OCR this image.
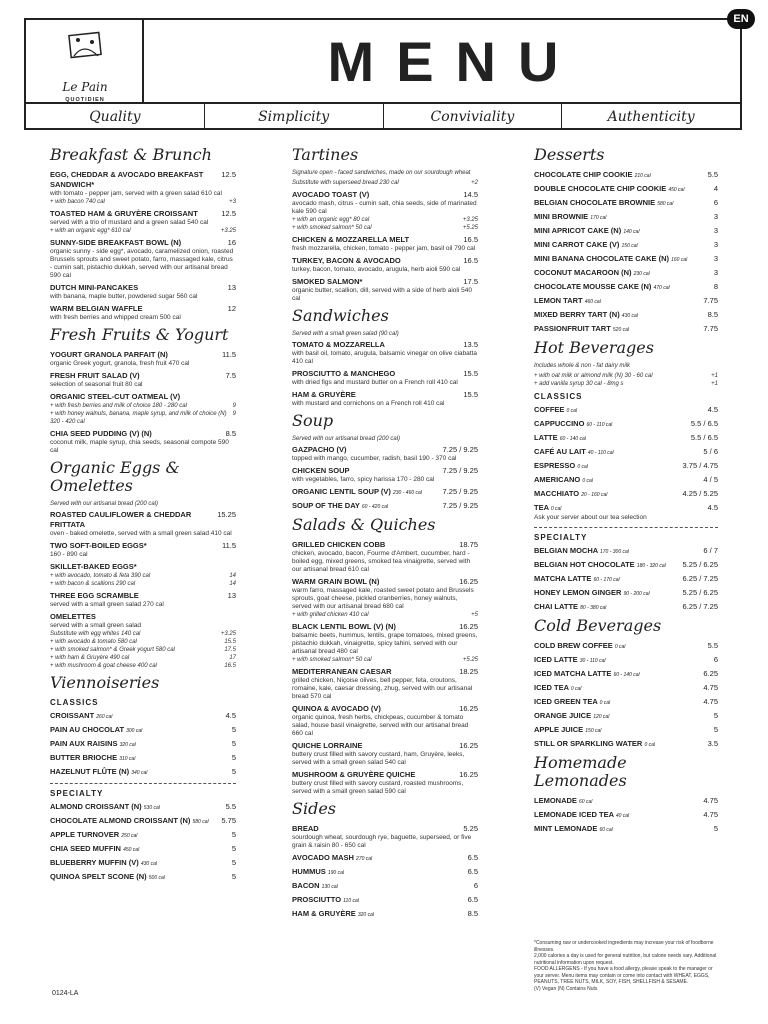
Le Pain
QUOTIDIEN
MENU
Quality	Simplicity	Conviviality	Authenticity
EN
Breakfast & Brunch
EGG, CHEDDAR & AVOCADO BREAKFAST SANDWICH*
12.5
with tomato - pepper jam, served with a green salad 610 cal
+ with bacon 740 cal	+3
TOASTED HAM & GRUYÈRE CROISSANT	12.5
served with a trio of mustard and a green salad 540 cal
+ with an organic egg* 610 cal	+3.25
SUNNY-SIDE BREAKFAST BOWL (N)	16
organic sunny - side egg*, avocado, caramelized onion, roasted Brussels sprouts and sweet potato, farro, massaged kale, citrus - cumin salt, pistachio dukkah, served with our artisanal bread 590 cal
DUTCH MINI-PANCAKES	13
with banana, maple butter, powdered sugar 560 cal
WARM BELGIAN WAFFLE	12
with fresh berries and whipped cream 500 cal
Fresh Fruits & Yogurt
YOGURT GRANOLA PARFAIT (N)	11.5
organic Greek yogurt, granola, fresh fruit 470 cal
FRESH FRUIT SALAD (V)	7.5
selection of seasonal fruit 80 cal
ORGANIC STEEL-CUT OATMEAL (V)
+ with fresh berries and milk of choice 180 - 280 cal	9
+ with honey walnuts, banana, maple syrup, and milk of choice (N) 320 - 420 cal
9
CHIA SEED PUDDING (V) (N)	8.5
coconut milk, maple syrup, chia seeds, seasonal compote 590 cal
Organic Eggs & Omelettes
Served with our artisanal bread (200 cal)
ROASTED CAULIFLOWER & CHEDDAR FRITTATA
15.25
oven - baked omelette, served with a small green salad 410 cal
TWO SOFT-BOILED EGGS*	11.5
160 - 890 cal
SKILLET-BAKED EGGS*
+ with avocado, tomato & feta 390 cal	14
+ with bacon & scallions 290 cal	14
THREE EGG SCRAMBLE	13
served with a small green salad 270 cal
OMELETTES
served with a small green salad
Substitute with egg whites 140 cal	+3.25
+ with avocado & tomato 580 cal	15.5
+ with smoked salmon* & Greek yogurt 580 cal	17.5
+ with ham & Gruyère 490 cal	17
+ with mushroom & goat cheese 400 cal	16.5
Viennoiseries
CLASSICS
CROISSANT 260 cal	4.5
PAIN AU CHOCOLAT 300 cal	5
PAIN AUX RAISINS 320 cal	5
BUTTER BRIOCHE 310 cal	5
HAZELNUT FLÛTE (N) 340 cal	5
SPECIALTY
ALMOND CROISSANT (N) 530 cal	5.5
CHOCOLATE ALMOND CROISSANT (N) 580 cal	5.75
APPLE TURNOVER 250 cal	5
CHIA SEED MUFFIN 450 cal	5
BLUEBERRY MUFFIN (V) 430 cal	5
QUINOA SPELT SCONE (N) 500 cal	5
Tartines
Signature open - faced sandwiches, made on our sourdough wheat
Substitute with superseed bread 230 cal	+2
AVOCADO TOAST (V)	14.5
avocado mash, citrus - cumin salt, chia seeds, side of marinated kale 590 cal
+ with an organic egg* 80 cal	+3.25
+ with smoked salmon* 50 cal	+5.25
CHICKEN & MOZZARELLA MELT	16.5
fresh mozzarella, chicken, tomato - pepper jam, basil oil 790 cal
TURKEY, BACON & AVOCADO	16.5
turkey, bacon, tomato, avocado, arugula, herb aioli 590 cal
SMOKED SALMON*	17.5
organic butter, scallion, dill, served with a side of herb aioli 540 cal
Sandwiches
Served with a small green salad (90 cal)
TOMATO & MOZZARELLA	13.5
with basil oil, tomato, arugula, balsamic vinegar on olive ciabatta 410 cal
PROSCIUTTO & MANCHEGO	15.5
with dried figs and mustard butter on a French roll 410 cal
HAM & GRUYÈRE	15.5
with mustard and cornichons on a French roll 410 cal
Soup
Served with our artisanal bread (200 cal)
GAZPACHO (V)	7.25 / 9.25
topped with mango, cucumber, radish, basil 190 - 370 cal
CHICKEN SOUP	7.25 / 9.25
with vegetables, farro, spicy harissa 170 - 280 cal
ORGANIC LENTIL SOUP (V) 230 - 460 cal	7.25 / 9.25
SOUP OF THE DAY 60 - 420 cal	7.25 / 9.25
Salads & Quiches
GRILLED CHICKEN COBB	18.75
chicken, avocado, bacon, Fourme d'Ambert, cucumber, hard - boiled egg, mixed greens, smoked tea vinaigrette, served with our artisanal bread 610 cal
WARM GRAIN BOWL (N)	16.25
warm farro, massaged kale, roasted sweet potato and Brussels sprouts, goat cheese, pickled cranberries, honey walnuts, served with our artisanal bread 680 cal
+ with grilled chicken 410 cal	+5
BLACK LENTIL BOWL (V) (N)	16.25
balsamic beets, hummus, lentils, grape tomatoes, mixed greens, pistachio dukkah, vinaigrette, spicy tahini, served with our artisanal bread 480 cal
+ with smoked salmon* 50 cal	+5.25
MEDITERRANEAN CAESAR	18.25
grilled chicken, Niçoise olives, bell pepper, feta, croutons, romaine, kale, caesar dressing, zhug, served with our artisanal bread 570 cal
QUINOA & AVOCADO (V)	16.25
organic quinoa, fresh herbs, chickpeas, cucumber & tomato salad, house basil vinaigrette, served with our artisanal bread 660 cal
QUICHE LORRAINE	16.25
buttery crust filled with savory custard, ham, Gruyère, leeks, served with a small green salad 540 cal
MUSHROOM & GRUYÈRE QUICHE	16.25
buttery crust filled with savory custard, roasted mushrooms, served with a small green salad 590 cal
Sides
BREAD	5.25
sourdough wheat, sourdough rye, baguette, superseed, or five grain & raisin 80 - 650 cal
AVOCADO MASH 270 cal	6.5
HUMMUS 190 cal	6.5
BACON 130 cal	6
PROSCIUTTO 110 cal	6.5
HAM & GRUYÈRE 320 cal	8.5
Desserts
CHOCOLATE CHIP COOKIE 210 cal	5.5
DOUBLE CHOCOLATE CHIP COOKIE 450 cal	4
BELGIAN CHOCOLATE BROWNIE 580 cal	6
MINI BROWNIE 170 cal	3
MINI APRICOT CAKE (N) 140 cal	3
MINI CARROT CAKE (V) 150 cal	3
MINI BANANA CHOCOLATE CAKE (N) 160 cal	3
COCONUT MACAROON (N) 230 cal	3
CHOCOLATE MOUSSE CAKE (N) 470 cal	8
LEMON TART 460 cal	7.75
MIXED BERRY TART (N) 430 cal	8.5
PASSIONFRUIT TART 520 cal	7.75
Hot Beverages
Includes whole & non - fat dairy milk
+ with oat milk or almond milk (N) 30 - 60 cal	+1
+ add vanilla syrup 30 cal - 8mg s	+1
CLASSICS
COFFEE 0 cal	4.5
CAPPUCCINO 60 - 110 cal	5.5 / 6.5
LATTE 60 - 140 cal	5.5 / 6.5
CAFÉ AU LAIT 40 - 110 cal	5 / 6
ESPRESSO 0 cal	3.75 / 4.75
AMERICANO 0 cal	4 / 5
MACCHIATO 20 - 160 cal	4.25 / 5.25
TEA 0 cal	4.5
Ask your server about our tea selection
SPECIALTY
BELGIAN MOCHA 170 - 300 cal	6 / 7
BELGIAN HOT CHOCOLATE 180 - 320 cal	5.25 / 6.25
MATCHA LATTE 60 - 170 cal	6.25 / 7.25
HONEY LEMON GINGER 90 - 200 cal	5.25 / 6.25
CHAI LATTE 80 - 380 cal	6.25 / 7.25
Cold Beverages
COLD BREW COFFEE 0 cal	5.5
ICED LATTE 30 - 110 cal	6
ICED MATCHA LATTE 60 - 140 cal	6.25
ICED TEA 0 cal	4.75
ICED GREEN TEA 0 cal	4.75
ORANGE JUICE 120 cal	5
APPLE JUICE 150 cal	5
STILL OR SPARKLING WATER 0 cal	3.5
Homemade Lemonades
LEMONADE 60 cal	4.75
LEMONADE ICED TEA 40 cal	4.75
MINT LEMONADE 60 cal	5
*Consuming raw or undercooked ingredients may increase your risk of foodborne illnesses.
2,000 calories a day is used for general nutrition, but calorie needs vary. Additional nutritional information upon request.
FOOD ALLERGENS - If you have a food allergy, please speak to the manager or your server. Menu items may contain or come into contact with WHEAT, EGGS, PEANUTS, TREE NUTS, MILK, SOY, FISH, SHELLFISH & SESAME.
(V) Vegan (N) Contains Nuts
0124-LA
